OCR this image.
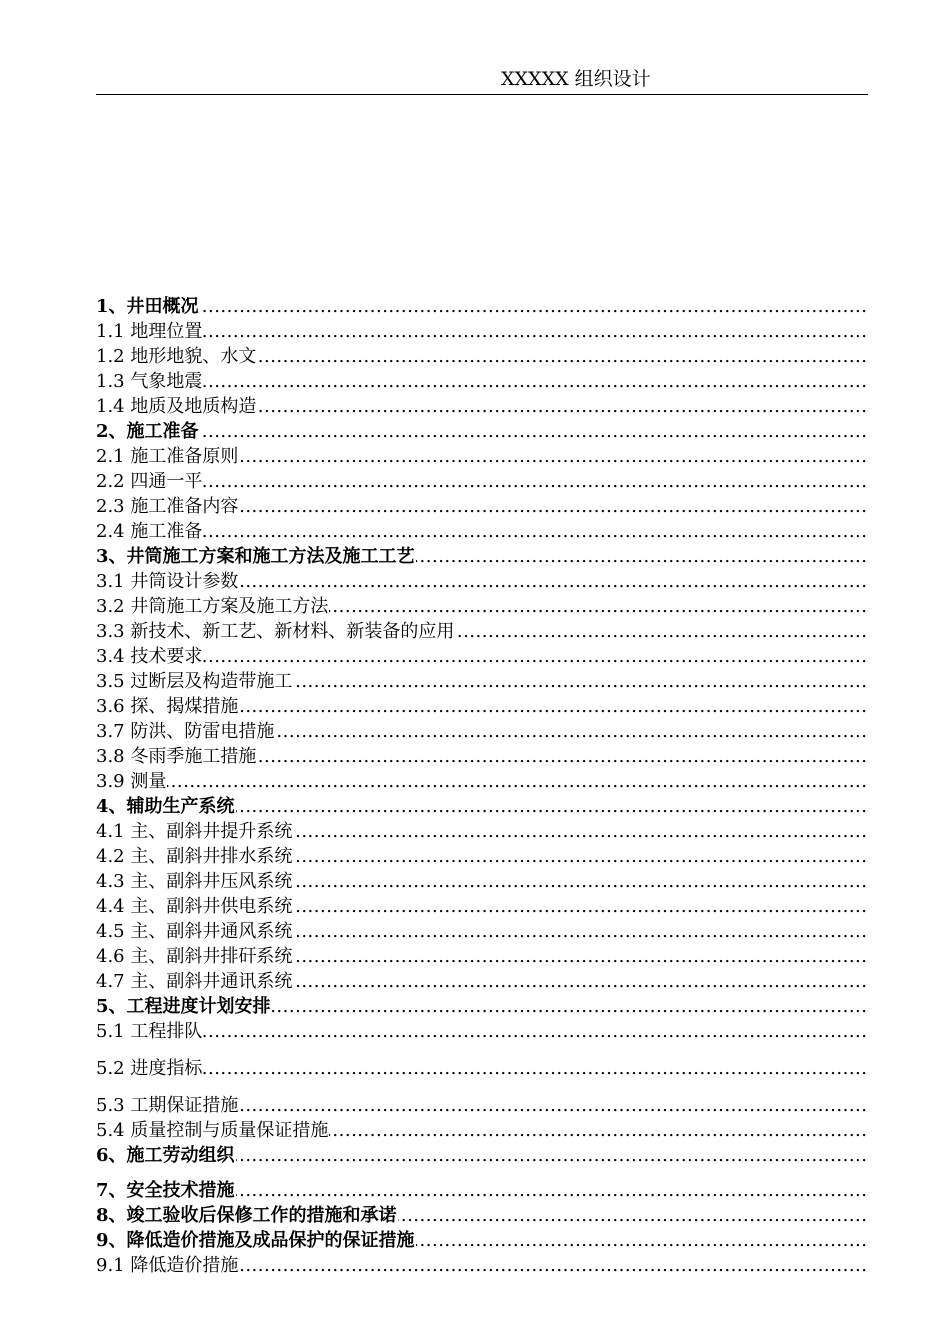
XXXXX 组织设计
.....
1、井田概况
.....
1.1 地理位置
.....
1.2 地形地貌、水文
.....
1.3 气象地震
.....
1.4 地质及地质构造
.....
2、施工准备
.....
2.1 施工准备原则
.....
2.2 四通一平
.....
2.3 施工准备内容
.....
2.4 施工准备
.....
3、井筒施工方案和施工方法及施工工艺
.....
3.1 井筒设计参数
.....
3.2 井筒施工方案及施工方法
.....
3.3 新技术、新工艺、新材料、新装备的应用
.....
3.4 技术要求
.....
3.5 过断层及构造带施工
.....
3.6 探、揭煤措施
.....
3.7 防洪、防雷电措施
.....
3.8 冬雨季施工措施
.....
3.9 测量
.....
4、辅助生产系统
.....
4.1 主、副斜井提升系统
.....
4.2 主、副斜井排水系统
.....
4.3 主、副斜井压风系统
.....
4.4 主、副斜井供电系统
.....
4.5 主、副斜井通风系统
.....
4.6 主、副斜井排矸系统
.....
4.7 主、副斜井通讯系统
.....
5、工程进度计划安排
.....
5.1 工程排队
.....
5.2 进度指标
.....
5.3 工期保证措施
.....
5.4 质量控制与质量保证措施
.....
6、施工劳动组织
.....
7、安全技术措施
.....
8、竣工验收后保修工作的措施和承诺
.....
9、降低造价措施及成品保护的保证措施
.....
9.1 降低造价措施
